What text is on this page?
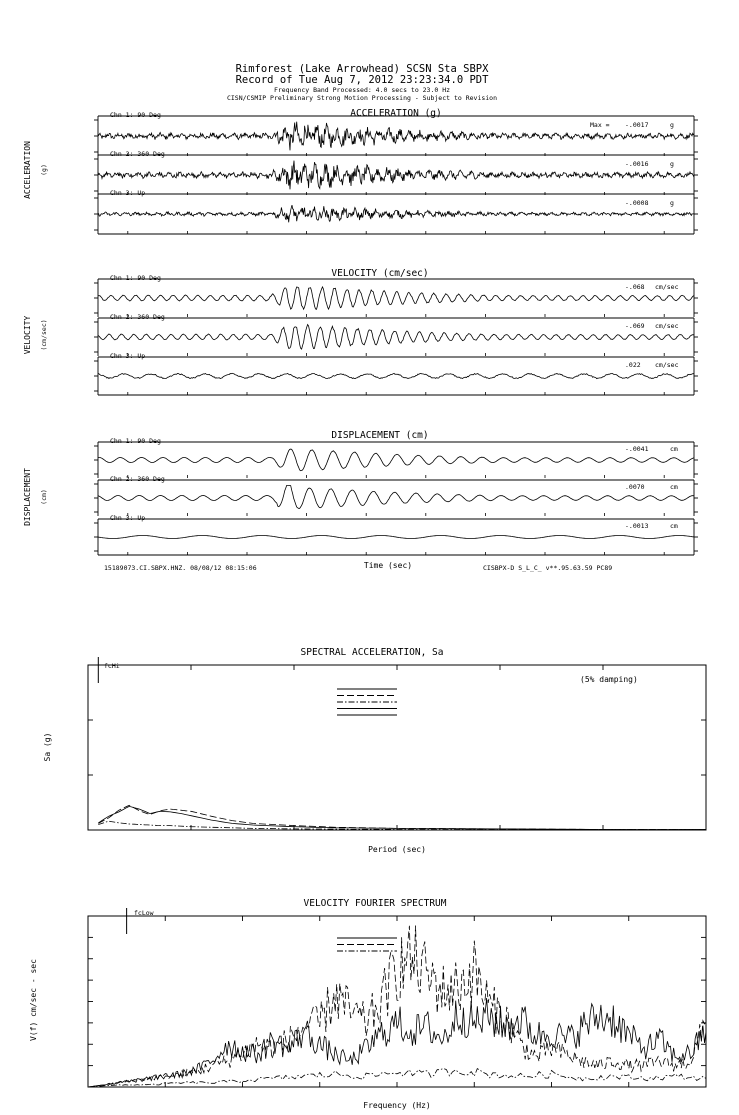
Rimforest (Lake Arrowhead) SCSN Sta SBPX
Record of Tue Aug 7, 2012 23:23:34.0 PDT
Frequency Band Processed: 4.0 secs to 23.0 Hz
CISN/CSMIP Preliminary Strong Motion Processing - Subject to Revision
ACCELERATION (g)
ACCELERATION (g)
Chn 1: 90 Deg
Max = -.0017	g
Chn 2: 360 Deg
-.0016	g
Chn 3: Up
-.0008	g
VELOCITY (cm/sec)
VELOCITY (cm/sec)
Chn 1: 90 Deg
-.068 cm/sec
Chn 2: 360 Deg
-.069 cm/sec
Chn 3: Up
.022 cm/sec
DISPLACEMENT (cm)
DISPLACEMENT (cm)
Chn 1: 90 Deg
-.0041	cm
Chn 2: 360 Deg
.0070	cm
Chn 3: Up
-.0013	cm
Time (sec)
15189073.CI.SBPX.HNZ. 08/08/12 08:15:06	CISBPX-D S_L_C_ v**.95.63.59 PC89
SPECTRAL ACCELERATION, Sa
(5% damping)
Period (sec)
Sa (g)
fcHi
VELOCITY FOURIER SPECTRUM
Frequency (Hz)
V(f) cm/sec - sec
fcLow
